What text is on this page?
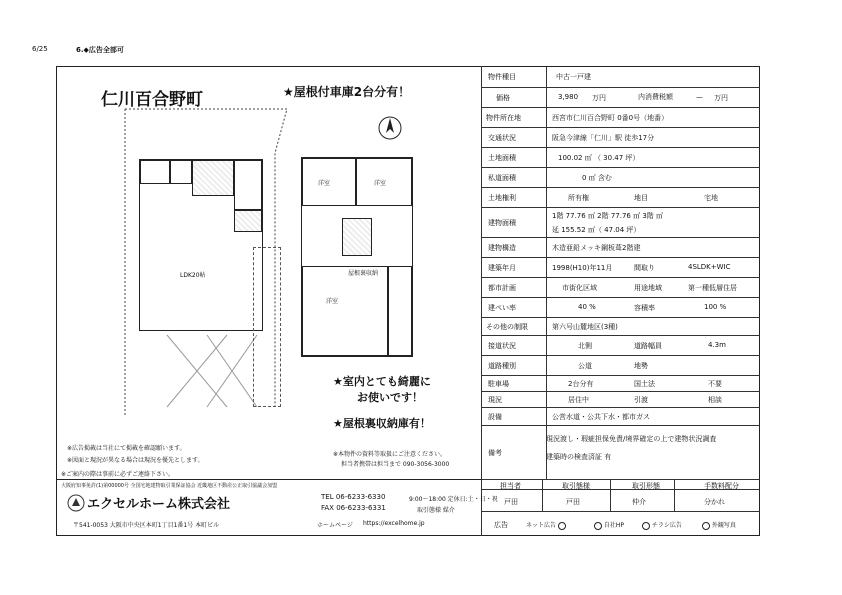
6/25	6.◆広告全部可
仁川百合野町	★屋根付車庫2台分有！
LDK20帖
洋室	洋室
屋根裏収納
洋室
★室内とても綺麗に
お使いです！
★屋根裏収納庫有！
※広告掲載は当社にて掲載を確認願います。
※図面と現況が異なる場合は現況を優先とします。
※ご案内の際は事前に必ずご連絡下さい。
※本物件の資料等取扱にご注意ください。
担当者携帯は担当まで 090-3056-3000
大阪府知事免許(1)第00000号 全国宅地建物取引業保証協会 近畿地区不動産公正取引協議会加盟
エクセルホーム株式会社	TEL 06-6233-6330
FAX 06-6233-6331
9:00〜18:00 定休日:土・日・祝
取引態様 媒介
〒541-0053 大阪市中央区本町1丁目1番1号 本町ビル	ホームページ https://excelhome.jp
物件種目	中古一戸建
価格	3,980 万円	内消費税額	— 万円
物件所在地	西宮市仁川百合野町 0番0号（地番）
交通状況	阪急今津線「仁川」駅 徒歩17分
土地面積	100.02 ㎡ （ 30.47 坪）
私道面積	0 ㎡ 含む
土地権利	所有権	地目	宅地
建物面積
1階 77.76 ㎡ 2階 77.76 ㎡ 3階 ㎡
延 155.52 ㎡（ 47.04 坪）
建物構造	木造亜鉛メッキ鋼板葺2階建
建築年月	1998(H10)年11月	間取り	4SLDK+WIC
都市計画	市街化区域	用途地域	第一種低層住居
建ぺい率	40 %	容積率	100 %
その他の制限	第六号山麓地区(3種)
接道状況	北側	道路幅員	4.3m
道路種別	公道	地勢
駐車場	2台分有	国土法	不要
現況	居住中	引渡	相談
設備	公営水道・公共下水・都市ガス
備考
現況渡し・瑕疵担保免責/境界確定の上で建物状況調査
建築時の検査済証 有
担当者	取引態様	取引形態	手数料配分
戸田	戸田	仲介	分かれ
広告	ネット広告	自社HP	チラシ広告	外観写真
